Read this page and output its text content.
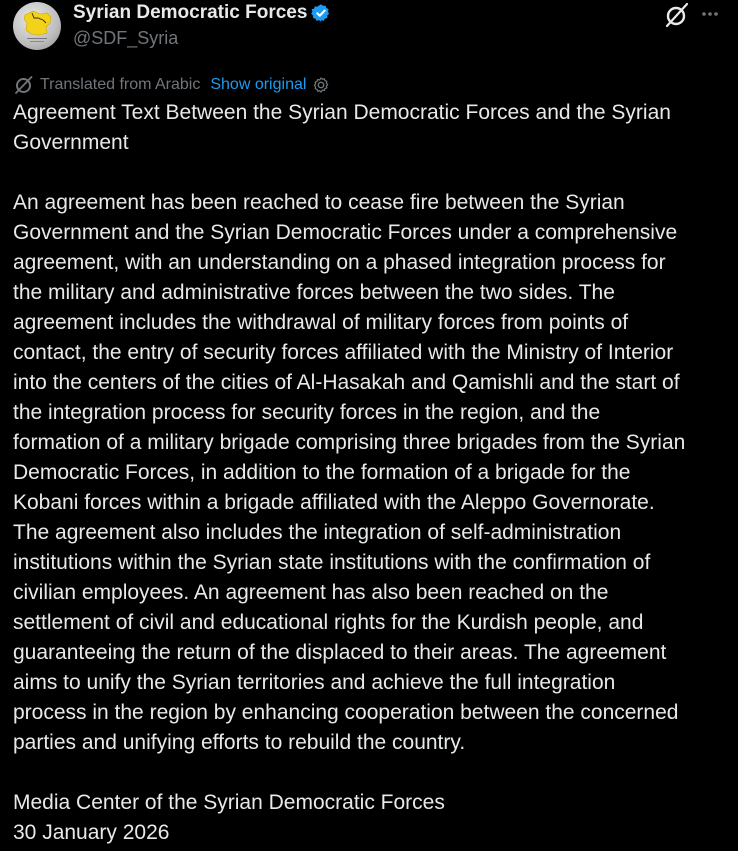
Syrian Democratic Forces
@SDF_Syria
Translated from Arabic Show original
Agreement Text Between the Syrian Democratic Forces and the Syrian
Government
An agreement has been reached to cease fire between the Syrian
Government and the Syrian Democratic Forces under a comprehensive
agreement, with an understanding on a phased integration process for
the military and administrative forces between the two sides. The
agreement includes the withdrawal of military forces from points of
contact, the entry of security forces affiliated with the Ministry of Interior
into the centers of the cities of Al-Hasakah and Qamishli and the start of
the integration process for security forces in the region, and the
formation of a military brigade comprising three brigades from the Syrian
Democratic Forces, in addition to the formation of a brigade for the
Kobani forces within a brigade affiliated with the Aleppo Governorate.
The agreement also includes the integration of self-administration
institutions within the Syrian state institutions with the confirmation of
civilian employees. An agreement has also been reached on the
settlement of civil and educational rights for the Kurdish people, and
guaranteeing the return of the displaced to their areas. The agreement
aims to unify the Syrian territories and achieve the full integration
process in the region by enhancing cooperation between the concerned
parties and unifying efforts to rebuild the country.
Media Center of the Syrian Democratic Forces
30 January 2026
